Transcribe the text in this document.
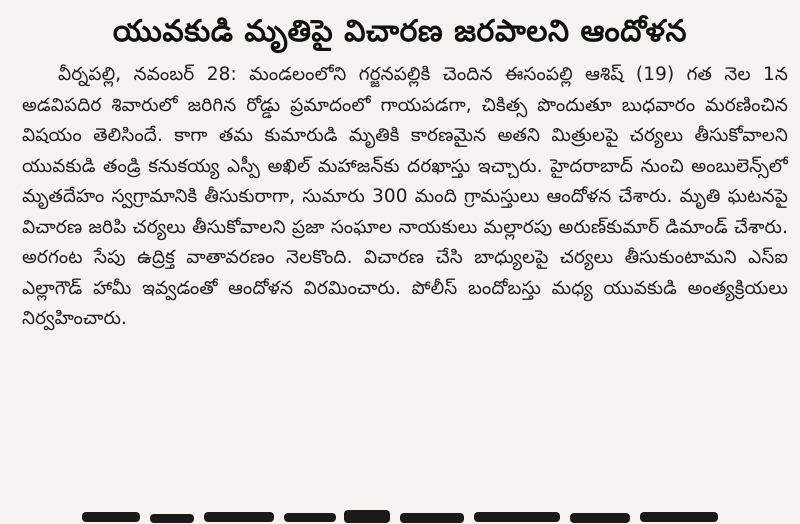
యువకుడి మృతిపై విచారణ జరపాలని ఆందోళన

వీర్నపల్లి, నవంబర్ 28: మండలంలోని గర్జనపల్లికి చెందిన ఈసంపల్లి ఆశిష్ (19) గత నెల 1న అడవిపదిర శివారులో జరిగిన రోడ్డు ప్రమాదంలో గాయపడగా, చికిత్స పొందుతూ బుధవారం మరణించిన విషయం తెలిసిందే. కాగా తమ కుమారుడి మృతికి కారణమైన అతని మిత్రులపై చర్యలు తీసుకోవాలని యువకుడి తండ్రి కనుకయ్య ఎస్పీ అఖిల్ మహాజన్‌కు దరఖాస్తు ఇచ్చారు. హైదరాబాద్ నుంచి అంబులెన్స్‌లో మృతదేహం స్వగ్రామానికి తీసుకురాగా, సుమారు 300 మంది గ్రామస్తులు ఆందోళన చేశారు. మృతి ఘటనపై విచారణ జరిపి చర్యలు తీసుకోవాలని ప్రజా సంఘాల నాయకులు మల్లారపు అరుణ్‌కుమార్ డిమాండ్ చేశారు. అరగంట సేపు ఉద్రిక్త వాతావరణం నెలకొంది. విచారణ చేసి బాధ్యులపై చర్యలు తీసుకుంటామని ఎస్ఐ ఎల్లాగౌడ్ హామీ ఇవ్వడంతో ఆందోళన విరమించారు. పోలీస్ బందోబస్తు మధ్య యువకుడి అంత్యక్రియలు నిర్వహించారు.
